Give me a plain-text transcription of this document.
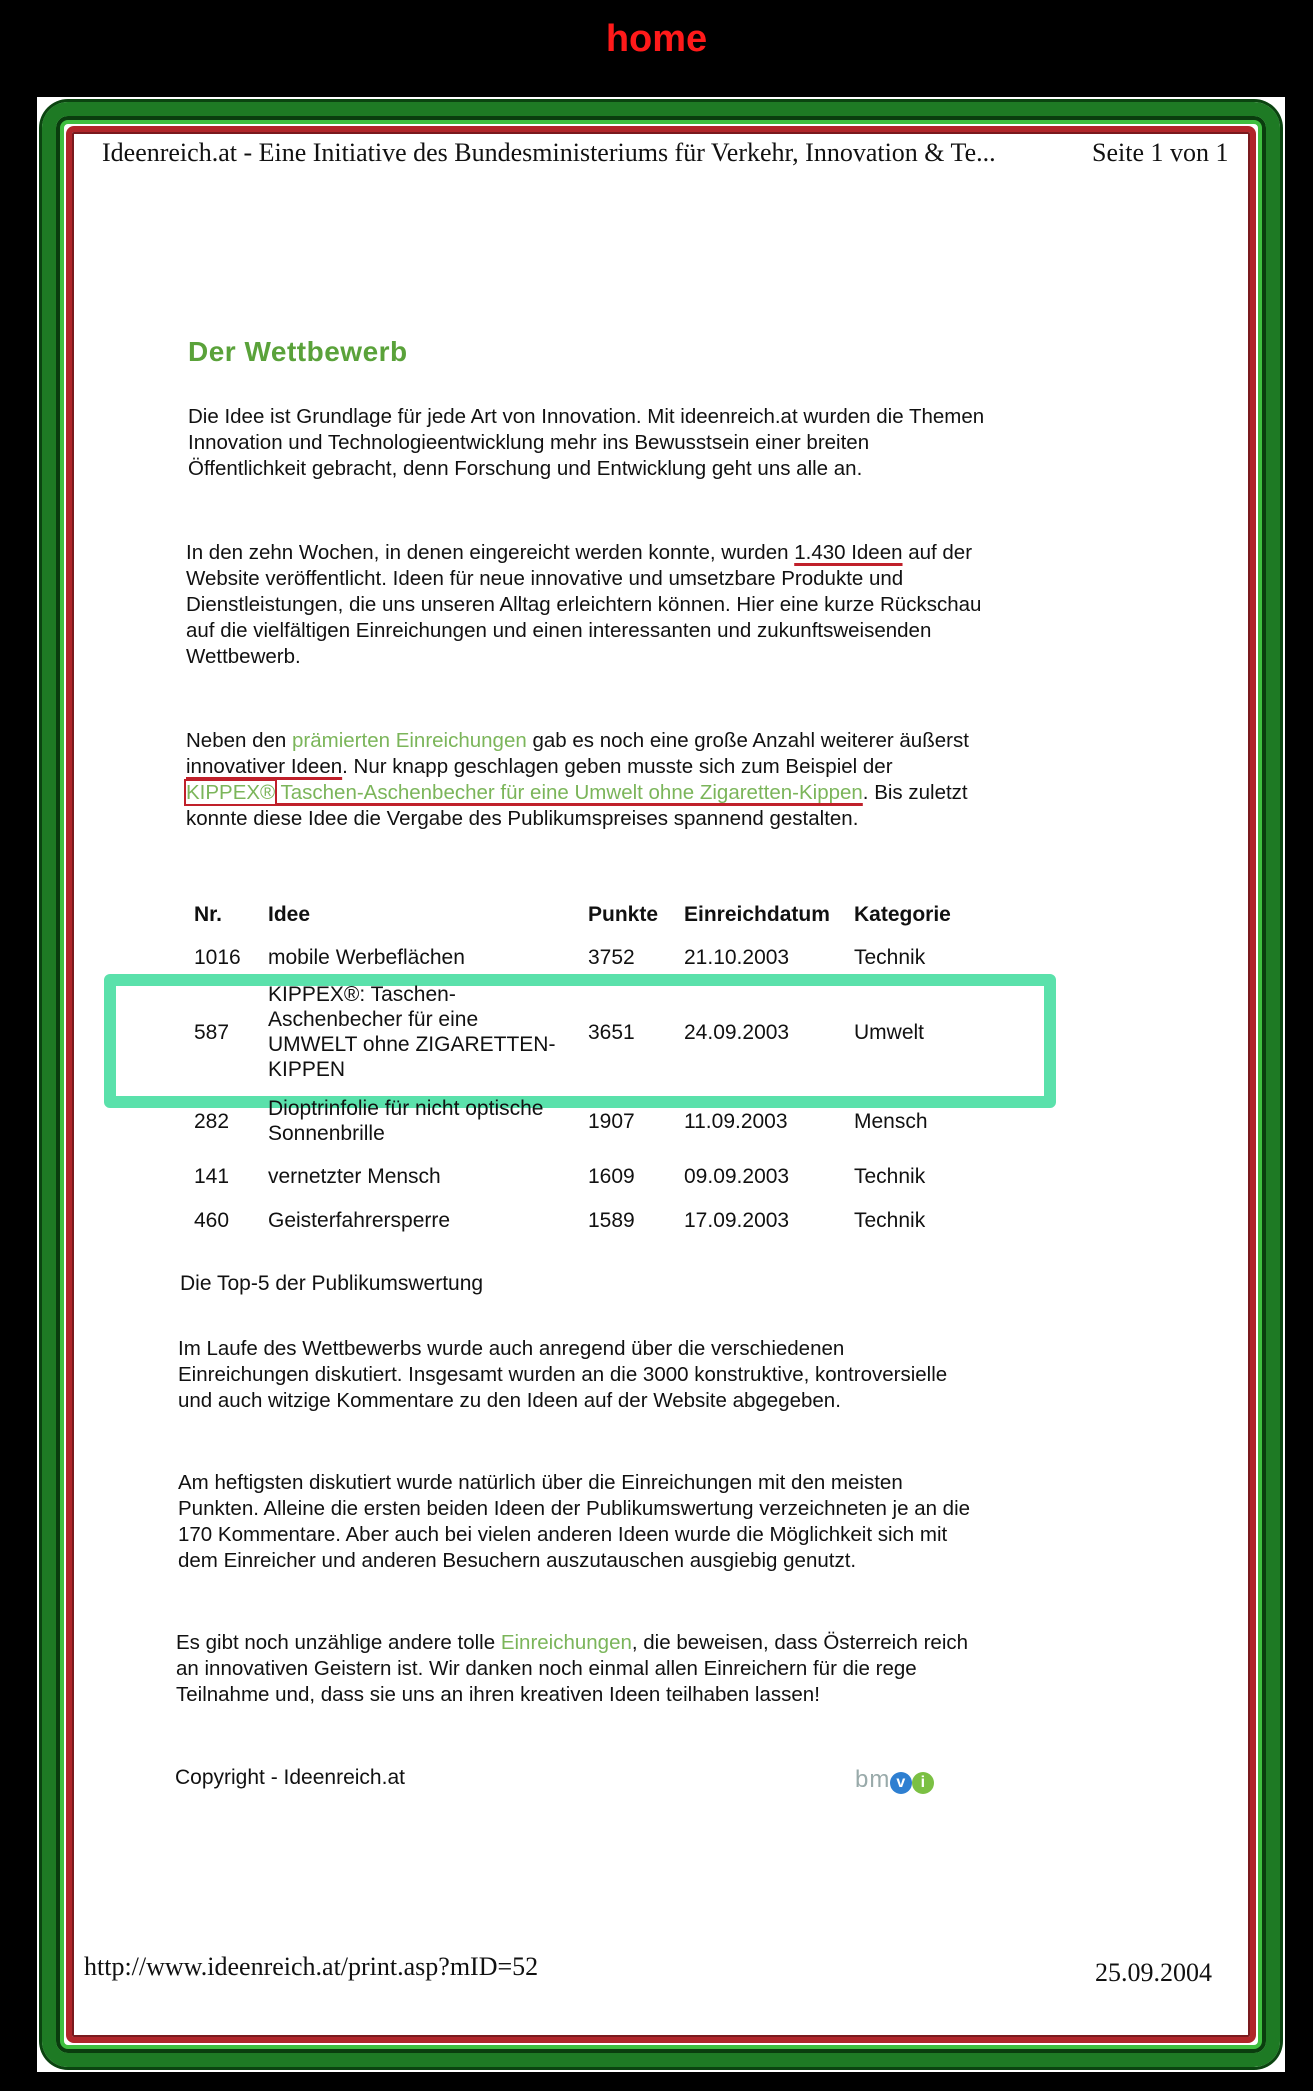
home
Ideenreich.at - Eine Initiative des Bundesministeriums für Verkehr, Innovation & Te...	Seite 1 von 1
Der Wettbewerb

Die Idee ist Grundlage für jede Art von Innovation. Mit ideenreich.at wurden die Themen Innovation und Technologieentwicklung mehr ins Bewusstsein einer breiten Öffentlichkeit gebracht, denn Forschung und Entwicklung geht uns alle an.

In den zehn Wochen, in denen eingereicht werden konnte, wurden 1.430 Ideen auf der Website veröffentlicht. Ideen für neue innovative und umsetzbare Produkte und Dienstleistungen, die uns unseren Alltag erleichtern können. Hier eine kurze Rückschau auf die vielfältigen Einreichungen und einen interessanten und zukunftsweisenden Wettbewerb.

Neben den prämierten Einreichungen gab es noch eine große Anzahl weiterer äußerst innovativer Ideen. Nur knapp geschlagen geben musste sich zum Beispiel der KIPPEX® Taschen-Aschenbecher für eine Umwelt ohne Zigaretten-Kippen. Bis zuletzt konnte diese Idee die Vergabe des Publikumspreises spannend gestalten.

Nr.	Idee	Punkte	Einreichdatum	Kategorie
1016	mobile Werbeflächen	3752	21.10.2003	Technik
587	KIPPEX®: Taschen-Aschenbecher für eine UMWELT ohne ZIGARETTEN-KIPPEN	3651	24.09.2003	Umwelt
282	Dioptrinfolie für nicht optische Sonnenbrille	1907	11.09.2003	Mensch
141	vernetzter Mensch	1609	09.09.2003	Technik
460	Geisterfahrersperre	1589	17.09.2003	Technik

Die Top-5 der Publikumswertung

Im Laufe des Wettbewerbs wurde auch anregend über die verschiedenen Einreichungen diskutiert. Insgesamt wurden an die 3000 konstruktive, kontroversielle und auch witzige Kommentare zu den Ideen auf der Website abgegeben.

Am heftigsten diskutiert wurde natürlich über die Einreichungen mit den meisten Punkten. Alleine die ersten beiden Ideen der Publikumswertung verzeichneten je an die 170 Kommentare. Aber auch bei vielen anderen Ideen wurde die Möglichkeit sich mit dem Einreicher und anderen Besuchern auszutauschen ausgiebig genutzt.

Es gibt noch unzählige andere tolle Einreichungen, die beweisen, dass Österreich reich an innovativen Geistern ist. Wir danken noch einmal allen Einreichern für die rege Teilnahme und, dass sie uns an ihren kreativen Ideen teilhaben lassen!

Copyright - Ideenreich.at	bm v i
http://www.ideenreich.at/print.asp?mID=52	25.09.2004
